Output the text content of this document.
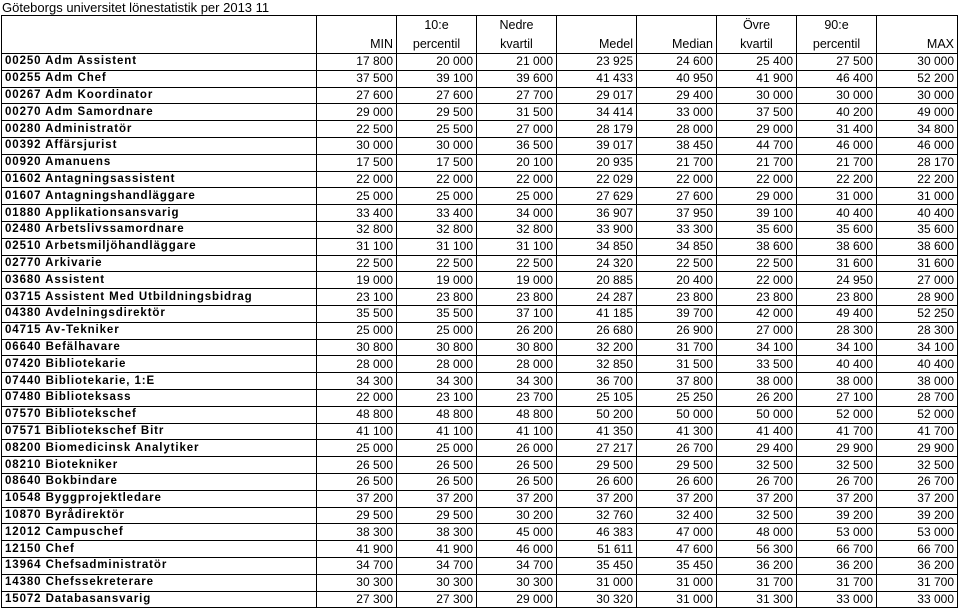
Göteborgs universitet lönestatistik per 2013 11
		10:e	Nedre			Övre	90:e	
	MIN	percentil	kvartil	Medel	Median	kvartil	percentil	MAX
00250 Adm Assistent	17 800	20 000	21 000	23 925	24 600	25 400	27 500	30 000
00255 Adm Chef	37 500	39 100	39 600	41 433	40 950	41 900	46 400	52 200
00267 Adm Koordinator	27 600	27 600	27 700	29 017	29 400	30 000	30 000	30 000
00270 Adm Samordnare	29 000	29 500	31 500	34 414	33 000	37 500	40 200	49 000
00280 Administratör	22 500	25 500	27 000	28 179	28 000	29 000	31 400	34 800
00392 Affärsjurist	30 000	30 000	36 500	39 017	38 450	44 700	46 000	46 000
00920 Amanuens	17 500	17 500	20 100	20 935	21 700	21 700	21 700	28 170
01602 Antagningsassistent	22 000	22 000	22 000	22 029	22 000	22 000	22 200	22 200
01607 Antagningshandläggare	25 000	25 000	25 000	27 629	27 600	29 000	31 000	31 000
01880 Applikationsansvarig	33 400	33 400	34 000	36 907	37 950	39 100	40 400	40 400
02480 Arbetslivssamordnare	32 800	32 800	32 800	33 900	33 300	35 600	35 600	35 600
02510 Arbetsmiljöhandläggare	31 100	31 100	31 100	34 850	34 850	38 600	38 600	38 600
02770 Arkivarie	22 500	22 500	22 500	24 320	22 500	22 500	31 600	31 600
03680 Assistent	19 000	19 000	19 000	20 885	20 400	22 000	24 950	27 000
03715 Assistent Med Utbildningsbidrag	23 100	23 800	23 800	24 287	23 800	23 800	23 800	28 900
04380 Avdelningsdirektör	35 500	35 500	37 100	41 185	39 700	42 000	49 400	52 250
04715 Av-Tekniker	25 000	25 000	26 200	26 680	26 900	27 000	28 300	28 300
06640 Befälhavare	30 800	30 800	30 800	32 200	31 700	34 100	34 100	34 100
07420 Bibliotekarie	28 000	28 000	28 000	32 850	31 500	33 500	40 400	40 400
07440 Bibliotekarie, 1:E	34 300	34 300	34 300	36 700	37 800	38 000	38 000	38 000
07480 Biblioteksass	22 000	23 100	23 700	25 105	25 250	26 200	27 100	28 700
07570 Bibliotekschef	48 800	48 800	48 800	50 200	50 000	50 000	52 000	52 000
07571 Bibliotekschef Bitr	41 100	41 100	41 100	41 350	41 300	41 400	41 700	41 700
08200 Biomedicinsk Analytiker	25 000	25 000	26 000	27 217	26 700	29 400	29 900	29 900
08210 Biotekniker	26 500	26 500	26 500	29 500	29 500	32 500	32 500	32 500
08640 Bokbindare	26 500	26 500	26 500	26 600	26 600	26 700	26 700	26 700
10548 Byggprojektledare	37 200	37 200	37 200	37 200	37 200	37 200	37 200	37 200
10870 Byrådirektör	29 500	29 500	30 200	32 760	32 400	32 500	39 200	39 200
12012 Campuschef	38 300	38 300	45 000	46 383	47 000	48 000	53 000	53 000
12150 Chef	41 900	41 900	46 000	51 611	47 600	56 300	66 700	66 700
13964 Chefsadministratör	34 700	34 700	34 700	35 450	35 450	36 200	36 200	36 200
14380 Chefssekreterare	30 300	30 300	30 300	31 000	31 000	31 700	31 700	31 700
15072 Databasansvarig	27 300	27 300	29 000	30 320	31 000	31 300	33 000	33 000
